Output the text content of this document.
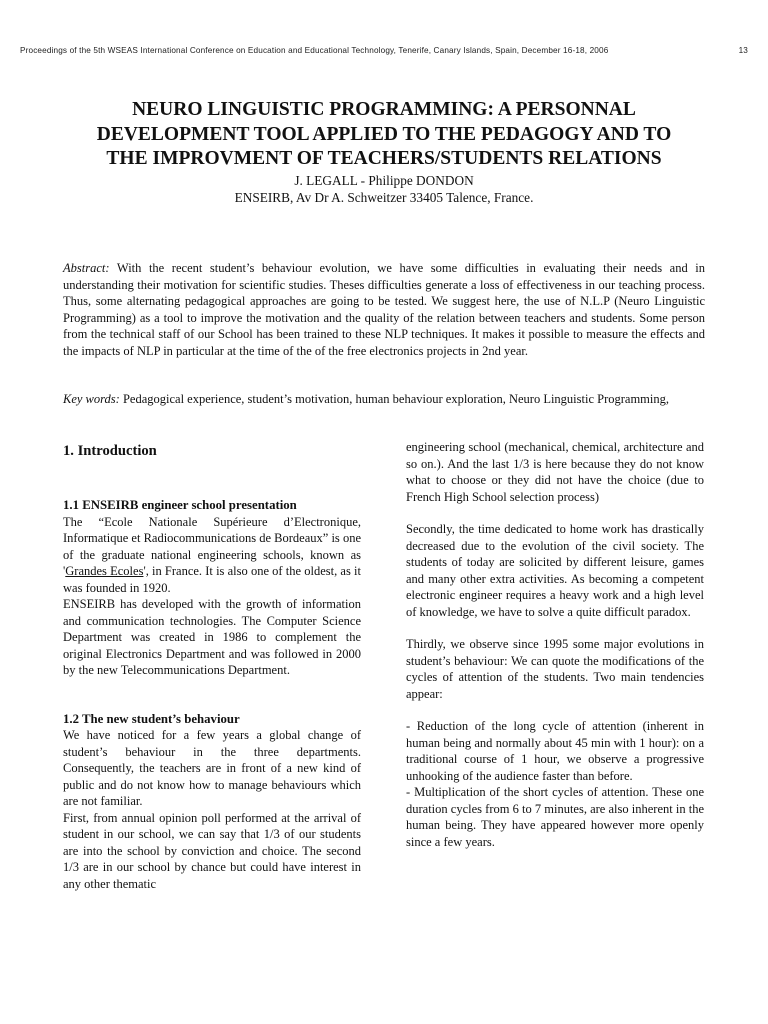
Proceedings of the 5th WSEAS International Conference on Education and Educational Technology, Tenerife, Canary Islands, Spain, December 16-18, 2006	13

NEURO LINGUISTIC PROGRAMMING: A PERSONNAL
DEVELOPMENT TOOL APPLIED TO THE PEDAGOGY AND TO
THE IMPROVMENT OF TEACHERS/STUDENTS RELATIONS

J. LEGALL - Philippe DONDON
ENSEIRB, Av Dr A. Schweitzer 33405 Talence, France.

Abstract: With the recent student’s behaviour evolution, we have some difficulties in evaluating their needs and in understanding their motivation for scientific studies. Theses difficulties generate a loss of effectiveness in our teaching process. Thus, some alternating pedagogical approaches are going to be tested. We suggest here, the use of N.L.P (Neuro Linguistic Programming) as a tool to improve the motivation and the quality of the relation between teachers and students. Some person from the technical staff of our School has been trained to these NLP techniques. It makes it possible to measure the effects and the impacts of NLP in particular at the time of the of the free electronics projects in 2nd year.

Key words: Pedagogical experience, student’s motivation, human behaviour exploration, Neuro Linguistic Programming,

1. Introduction
1.1 ENSEIRB engineer school presentation

The “Ecole Nationale Supérieure d’Electronique, Informatique et Radiocommunications de Bordeaux” is one of the graduate national engineering schools, known as 'Grandes Ecoles', in France. It is also one of the oldest, as it was founded in 1920.

ENSEIRB has developed with the growth of information and communication technologies. The Computer Science Department was created in 1986 to complement the original Electronics Department and was followed in 2000 by the new Telecommunications Department.

1.2 The new student’s behaviour

We have noticed for a few years a global change of student’s behaviour in the three departments. Consequently, the teachers are in front of a new kind of public and do not know how to manage behaviours which are not familiar.

First, from annual opinion poll performed at the arrival of student in our school, we can say that 1/3 of our students are into the school by conviction and choice. The second 1/3 are in our school by chance but could have interest in any other thematic

engineering school (mechanical, chemical, architecture and so on.). And the last 1/3 is here because they do not know what to choose or they did not have the choice (due to French High School selection process)

Secondly, the time dedicated to home work has drastically decreased due to the evolution of the civil society. The students of today are solicited by different leisure, games and many other extra activities. As becoming a competent electronic engineer requires a heavy work and a high level of knowledge, we have to solve a quite difficult paradox.

Thirdly, we observe since 1995 some major evolutions in student’s behaviour: We can quote the modifications of the cycles of attention of the students. Two main tendencies appear:

- Reduction of the long cycle of attention (inherent in human being and normally about 45 min with 1 hour): on a traditional course of 1 hour, we observe a progressive unhooking of the audience faster than before.

- Multiplication of the short cycles of attention. These one duration cycles from 6 to 7 minutes, are also inherent in the human being. They have appeared however more openly since a few years.
